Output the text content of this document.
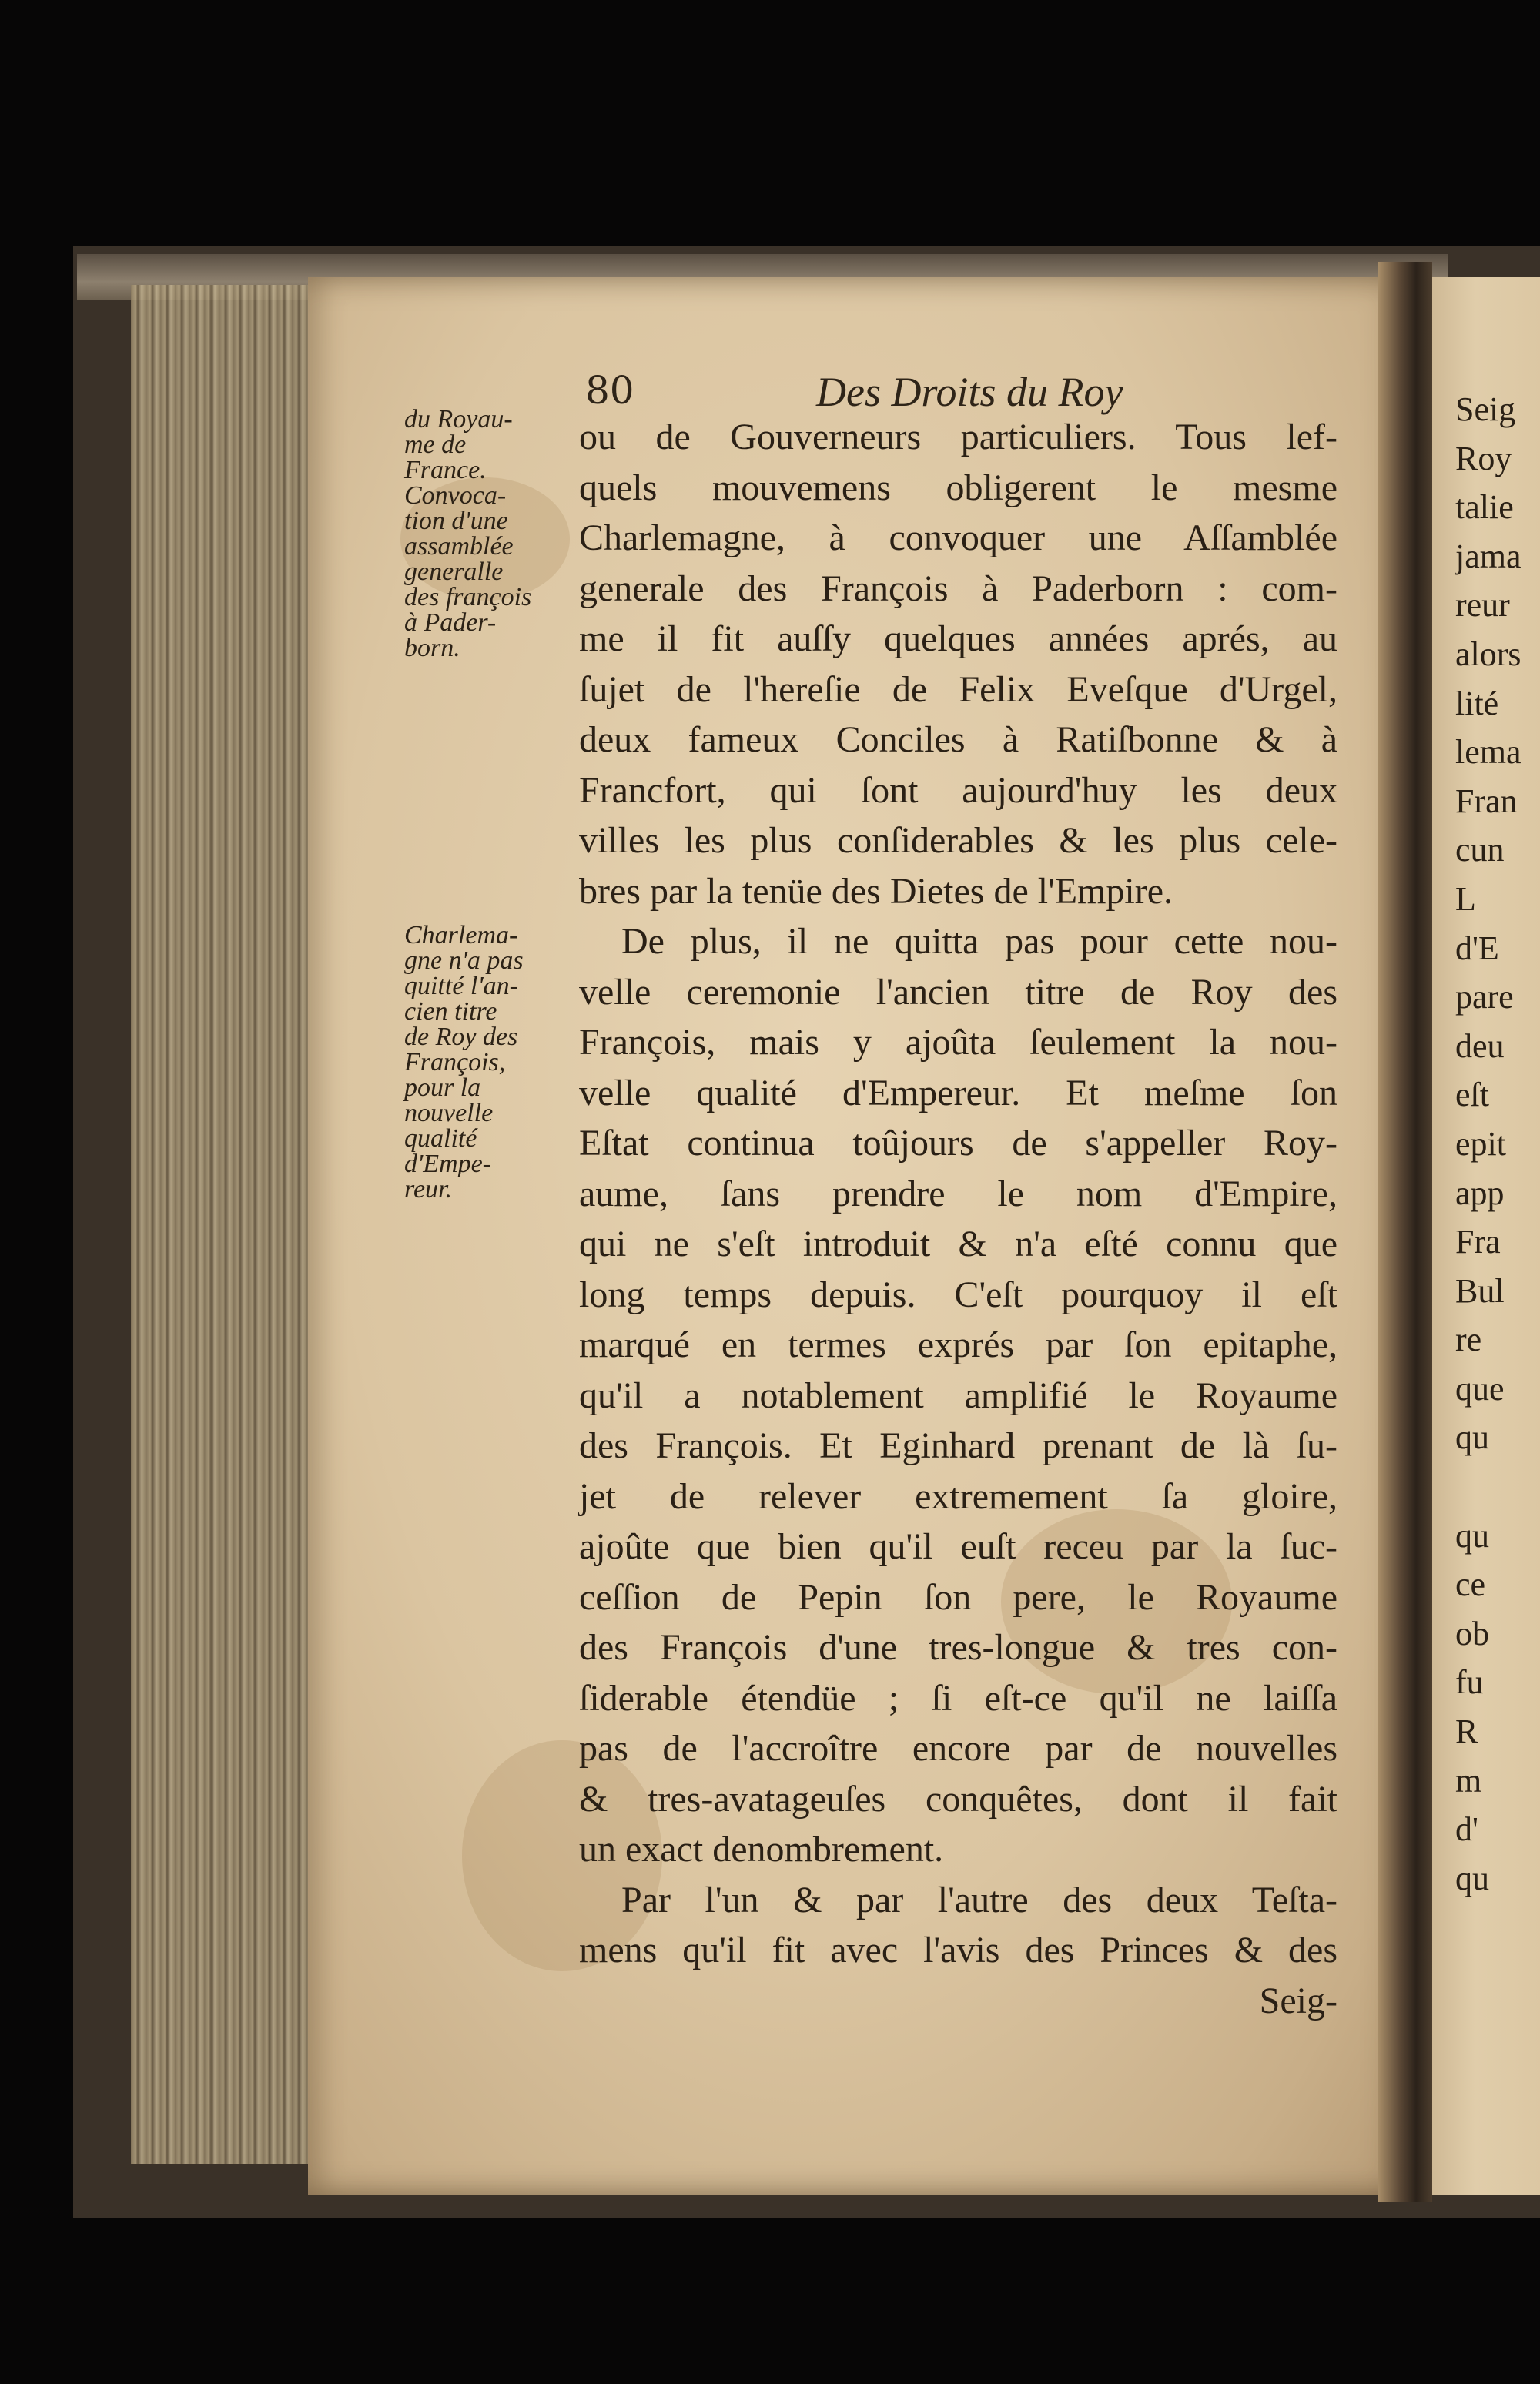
80	Des Droits du Roy
du Royau-
me de
France.
Convoca-
tion d'une
assamblée
generalle
des françois
à Pader-
born.
Charlema-
gne n'a pas
quitté l'an-
cien titre
de Roy des
François,
pour la
nouvelle
qualité
d'Empe-
reur.
ou de Gouverneurs particuliers. Tous lef-
quels mouvemens obligerent le mesme
Charlemagne, à convoquer une Aſſamblée
generale des François à Paderborn : com-
me il fit auſſy quelques années aprés, au
ſujet de l'hereſie de Felix Eveſque d'Urgel,
deux fameux Conciles à Ratiſbonne & à
Francfort, qui ſont aujourd'huy les deux
villes les plus conſiderables & les plus cele-
bres par la tenüe des Dietes de l'Empire.
De plus, il ne quitta pas pour cette nou-
velle ceremonie l'ancien titre de Roy des
François, mais y ajoûta ſeulement la nou-
velle qualité d'Empereur. Et meſme ſon
Eſtat continua toûjours de s'appeller Roy-
aume, ſans prendre le nom d'Empire,
qui ne s'eſt introduit & n'a eſté connu que
long temps depuis. C'eſt pourquoy il eſt
marqué en termes exprés par ſon epitaphe,
qu'il a notablement amplifié le Royaume
des François. Et Eginhard prenant de là ſu-
jet de relever extremement ſa gloire,
ajoûte que bien qu'il euſt receu par la ſuc-
ceſſion de Pepin ſon pere, le Royaume
des François d'une tres-longue & tres con-
ſiderable étendüe ; ſi eſt-ce qu'il ne laiſſa
pas de l'accroître encore par de nouvelles
& tres-avatageuſes conquêtes, dont il fait
un exact denombrement.
Par l'un & par l'autre des deux Teſta-
mens qu'il fit avec l'avis des Princes & des
Seig-
Seig
Roy
talie
jama
reur
alors
lité
lema
Fran
cun
L
d'E
pare
deu
eſt
epit
app
Fra
Bul
re
que
qu
qu
ce
ob
fu
R
m
d'
qu
